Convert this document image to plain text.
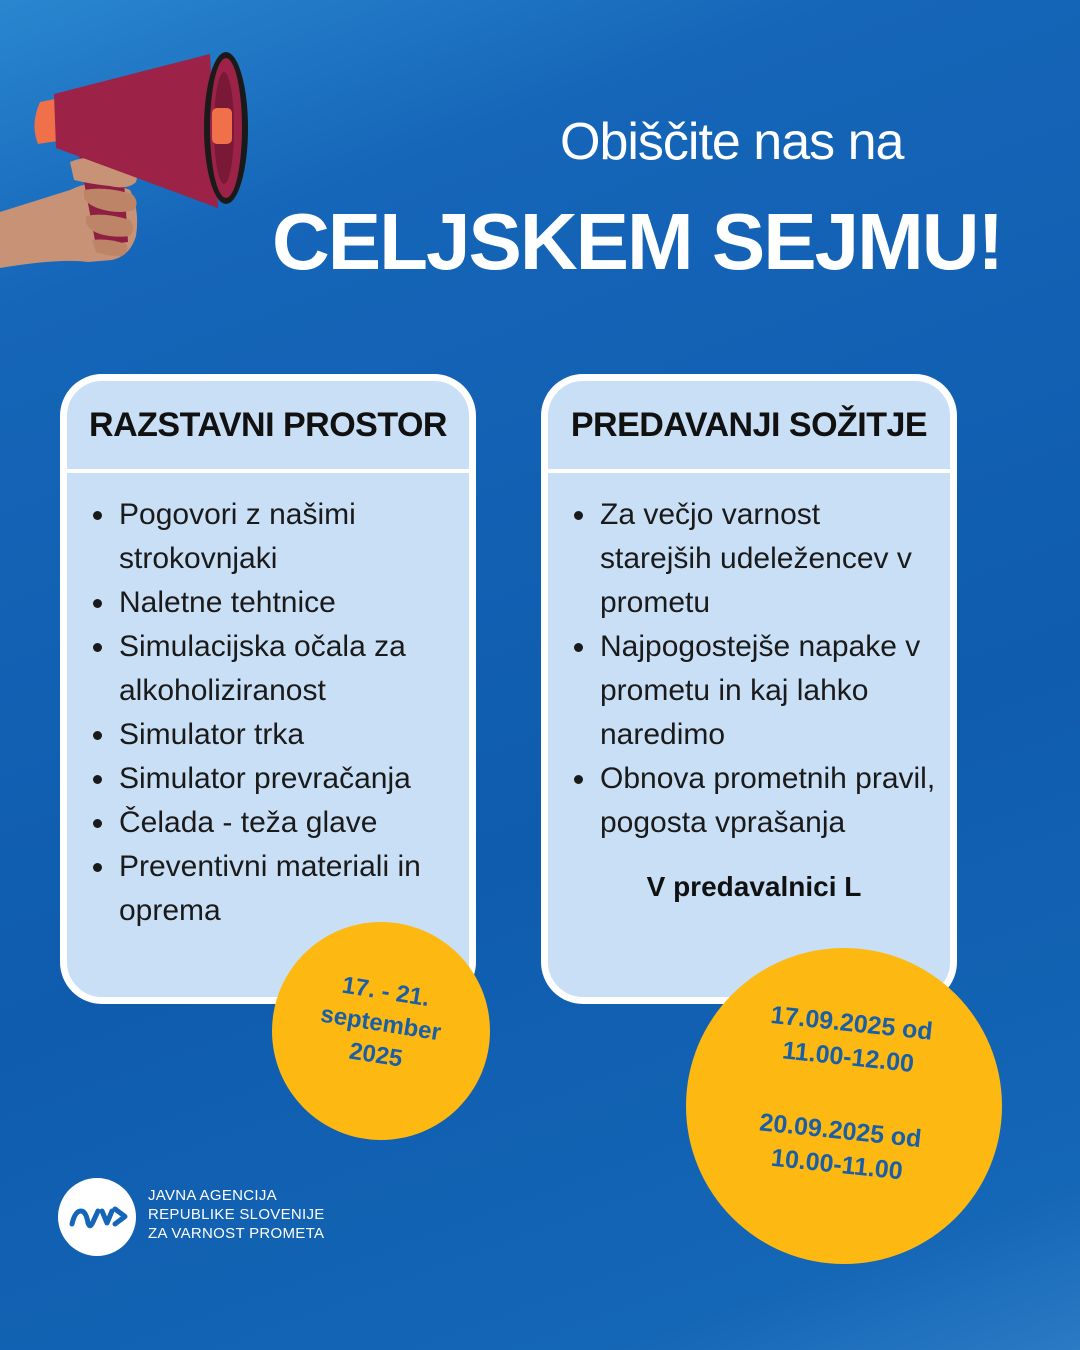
Obiščite nas na
CELJSKEM SEJMU!
RAZSTAVNI PROSTOR
Pogovori z našimi strokovnjaki
Naletne tehtnice
Simulacijska očala za alkoholiziranost
Simulator trka
Simulator prevračanja
Čelada - teža glave
Preventivni materiali in oprema
PREDAVANJI SOŽITJE
Za večjo varnost starejših udeležencev v prometu
Najpogostejše napake v prometu in kaj lahko naredimo
Obnova prometnih pravil, pogosta vprašanja
V predavalnici L
17. - 21.
september
2025
17.09.2025 od
11.00-12.00
20.09.2025 od
10.00-11.00
JAVNA AGENCIJA
REPUBLIKE SLOVENIJE
ZA VARNOST PROMETA
